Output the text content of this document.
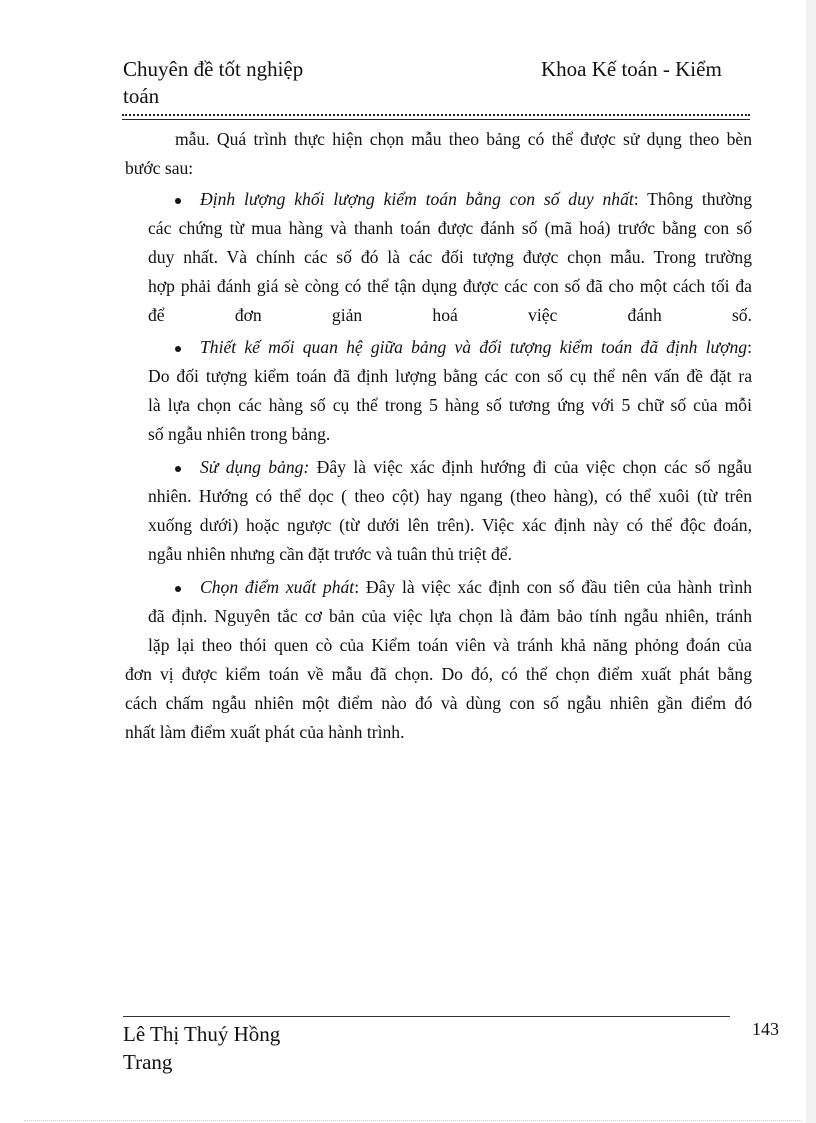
Chuyên đề tốt nghiệp	Khoa Kế toán - Kiểm
toán
mẫu. Quá trình thực hiện chọn mẫu theo bảng có thể được sử dụng theo bèn
bước sau:
Định lượng khối lượng kiểm toán bằng con số duy nhất: Thông thường
các chứng từ mua hàng và thanh toán được đánh số (mã hoá) trước bằng con số
duy nhất. Và chính các số đó là các đối tượng được chọn mẫu. Trong trường
hợp phải đánh giá sè còng có thể tận dụng được các con số đã cho một cách tối đa
để đơn giản hoá việc đánh số.
Thiết kế mối quan hệ giữa bảng và đối tượng kiểm toán đã định lượng:
Do đối tượng kiểm toán đã định lượng bằng các con số cụ thể nên vấn đề đặt ra
là lựa chọn các hàng số cụ thể trong 5 hàng số tương ứng với 5 chữ số của mỗi
số ngẫu nhiên trong bảng.
Sử dụng bảng: Đây là việc xác định hướng đi của việc chọn các số ngẫu
nhiên. Hướng có thể dọc ( theo cột) hay ngang (theo hàng), có thể xuôi (từ trên
xuống dưới) hoặc ngược (từ dưới lên trên). Việc xác định này có thể độc đoán,
ngẫu nhiên nhưng cần đặt trước và tuân thủ triệt để.
Chọn điểm xuất phát: Đây là việc xác định con số đầu tiên của hành trình
đã định. Nguyên tắc cơ bản của việc lựa chọn là đảm bảo tính ngẫu nhiên, tránh
lặp lại theo thói quen cò của Kiểm toán viên và tránh khả năng phỏng đoán của
đơn vị được kiểm toán về mẫu đã chọn. Do đó, có thể chọn điểm xuất phát bằng
cách chấm ngẫu nhiên một điểm nào đó và dùng con số ngẫu nhiên gần điểm đó
nhất làm điểm xuất phát của hành trình.
143
Lê Thị Thuý Hồng
Trang
